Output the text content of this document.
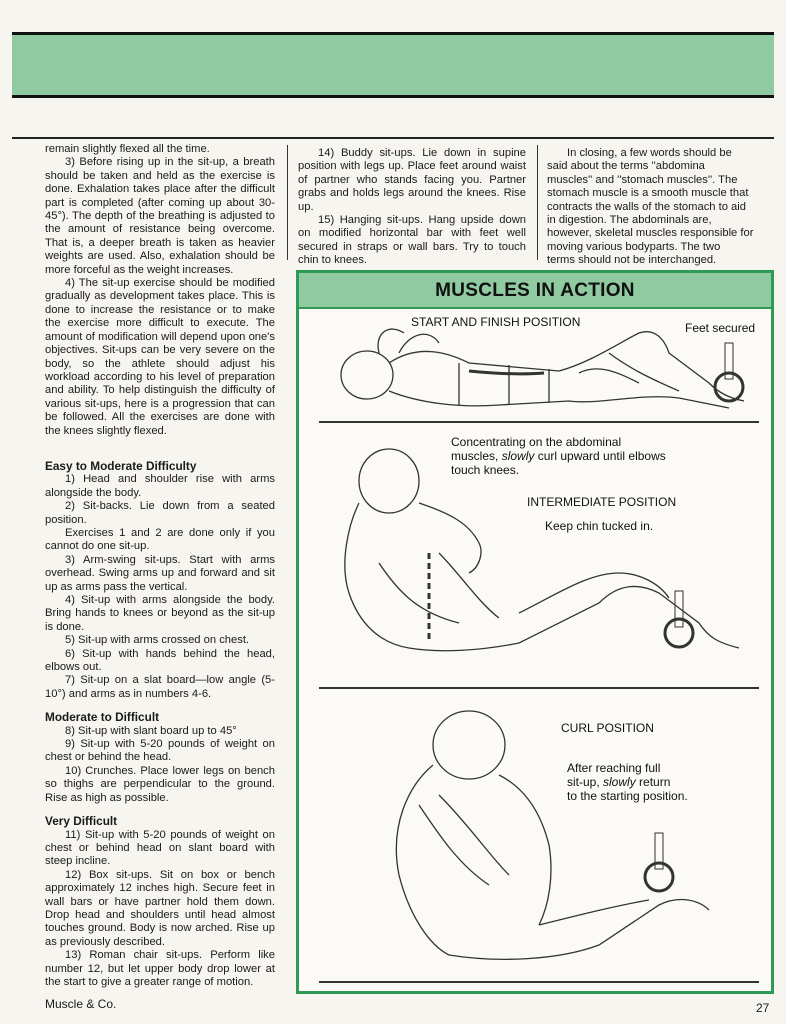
remain slightly flexed all the time.

3) Before rising up in the sit-up, a breath should be taken and held as the exercise is done. Exhalation takes place after the difficult part is completed (after coming up about 30-45°). The depth of the breathing is adjusted to the amount of resistance being overcome. That is, a deeper breath is taken as heavier weights are used. Also, exhalation should be more forceful as the weight increases.

4) The sit-up exercise should be modified gradually as development takes place. This is done to increase the resistance or to make the exercise more difficult to execute. The amount of modification will depend upon one's objectives. Sit-ups can be very severe on the body, so the athlete should adjust his workload according to his level of preparation and ability. To help distinguish the difficulty of various sit-ups, here is a progression that can be followed. All the exercises are done with the knees slightly flexed.

Easy to Moderate Difficulty

1) Head and shoulder rise with arms alongside the body.

2) Sit-backs. Lie down from a seated position.

Exercises 1 and 2 are done only if you cannot do one sit-up.

3) Arm-swing sit-ups. Start with arms overhead. Swing arms up and forward and sit up as arms pass the vertical.

4) Sit-up with arms alongside the body. Bring hands to knees or beyond as the sit-up is done.

5) Sit-up with arms crossed on chest.

6) Sit-up with hands behind the head, elbows out.

7) Sit-up on a slat board—low angle (5-10°) and arms as in numbers 4-6.

Moderate to Difficult

8) Sit-up with slant board up to 45°

9) Sit-up with 5-20 pounds of weight on chest or behind the head.

10) Crunches. Place lower legs on bench so thighs are perpendicular to the ground. Rise as high as possible.

Very Difficult

11) Sit-up with 5-20 pounds of weight on chest or behind head on slant board with steep incline.

12) Box sit-ups. Sit on box or bench approximately 12 inches high. Secure feet in wall bars or have partner hold them down. Drop head and shoulders until head almost touches ground. Body is now arched. Rise up as previously described.

13) Roman chair sit-ups. Perform like number 12, but let upper body drop lower at the start to give a greater range of motion.

14) Buddy sit-ups. Lie down in supine position with legs up. Place feet around waist of partner who stands facing you. Partner grabs and holds legs around the knees. Rise up.

15) Hanging sit-ups. Hang upside down on modified horizontal bar with feet well secured in straps or wall bars. Try to touch chin to knees.

In closing, a few words should be

said about the terms ''abdomina

muscles'' and ''stomach muscles''. The

stomach muscle is a smooth muscle that

contracts the walls of the stomach to aid

in digestion. The abdominals are,

however, skeletal muscles responsible for

moving various bodyparts. The two

terms should not be interchanged.

MUSCLES IN ACTION
START AND FINISH POSITION	Feet secured
Concentrating on the abdominal
muscles, slowly curl upward until elbows
touch knees.
INTERMEDIATE POSITION
Keep chin tucked in.
CURL POSITION
After reaching full
sit-up, slowly return
to the starting position.
Muscle & Co.	27
